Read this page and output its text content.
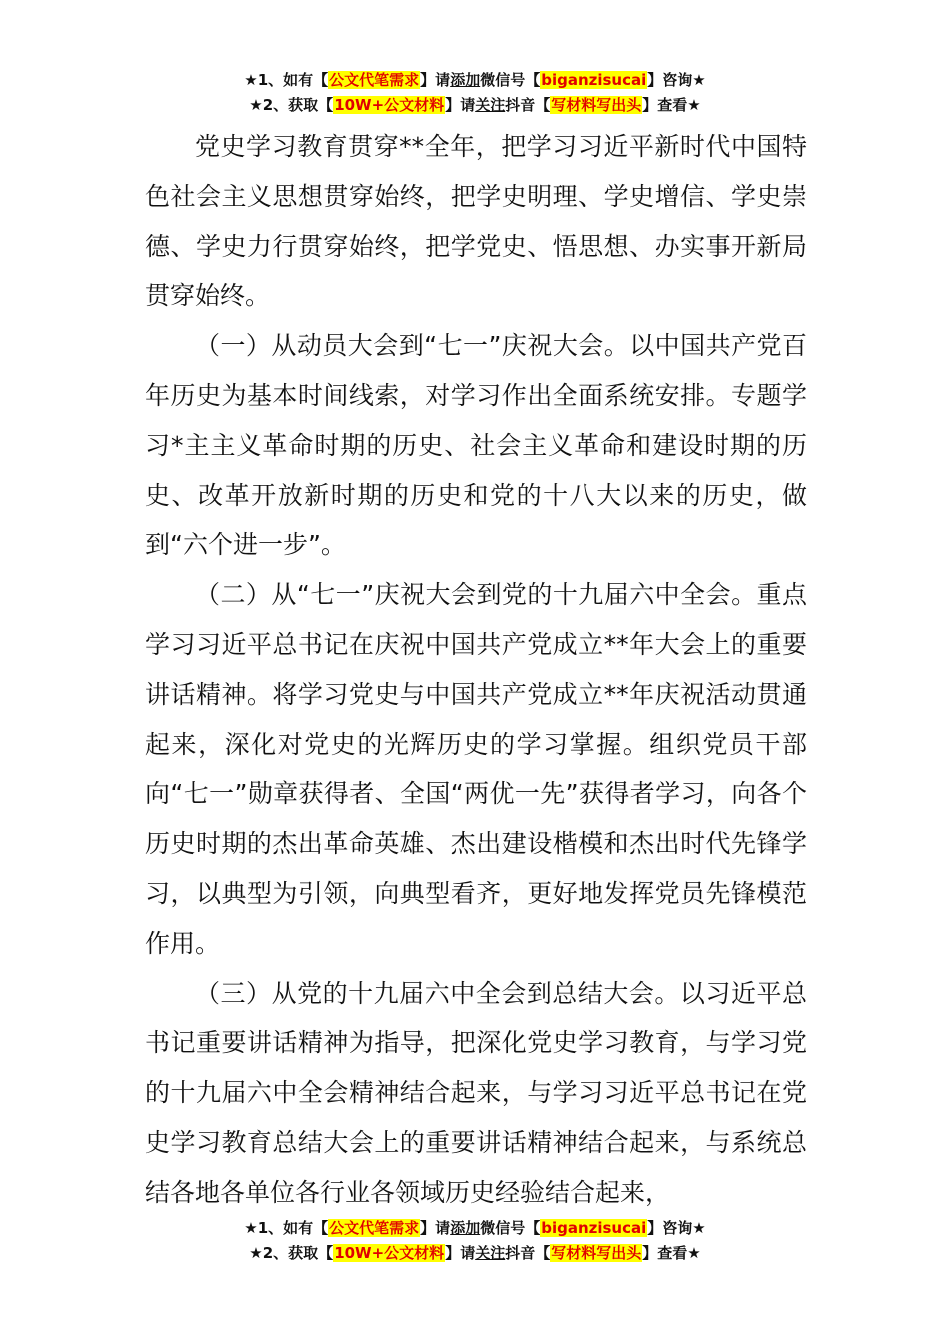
★1、如有【公文代笔需求】请添加微信号【biganzisucai】咨询★
★2、获取【10W+公文材料】请关注抖音【写材料写出头】查看★

党史学习教育贯穿**全年，把学习习近平新时代中国特色社会主义思想贯穿始终，把学史明理、学史增信、学史崇德、学史力行贯穿始终，把学党史、悟思想、办实事开新局贯穿始终。

（一）从动员大会到“七一”庆祝大会。以中国共产党百年历史为基本时间线索，对学习作出全面系统安排。专题学习*主主义革命时期的历史、社会主义革命和建设时期的历史、改革开放新时期的历史和党的十八大以来的历史，做到“六个进一步”。

（二）从“七一”庆祝大会到党的十九届六中全会。重点学习习近平总书记在庆祝中国共产党成立**年大会上的重要讲话精神。将学习党史与中国共产党成立**年庆祝活动贯通起来，深化对党史的光辉历史的学习掌握。组织党员干部向“七一”勋章获得者、全国“两优一先”获得者学习，向各个历史时期的杰出革命英雄、杰出建设楷模和杰出时代先锋学习，以典型为引领，向典型看齐，更好地发挥党员先锋模范作用。

（三）从党的十九届六中全会到总结大会。以习近平总书记重要讲话精神为指导，把深化党史学习教育，与学习党的十九届六中全会精神结合起来，与学习习近平总书记在党史学习教育总结大会上的重要讲话精神结合起来，与系统总结各地各单位各行业各领域历史经验结合起来，

★1、如有【公文代笔需求】请添加微信号【biganzisucai】咨询★
★2、获取【10W+公文材料】请关注抖音【写材料写出头】查看★
